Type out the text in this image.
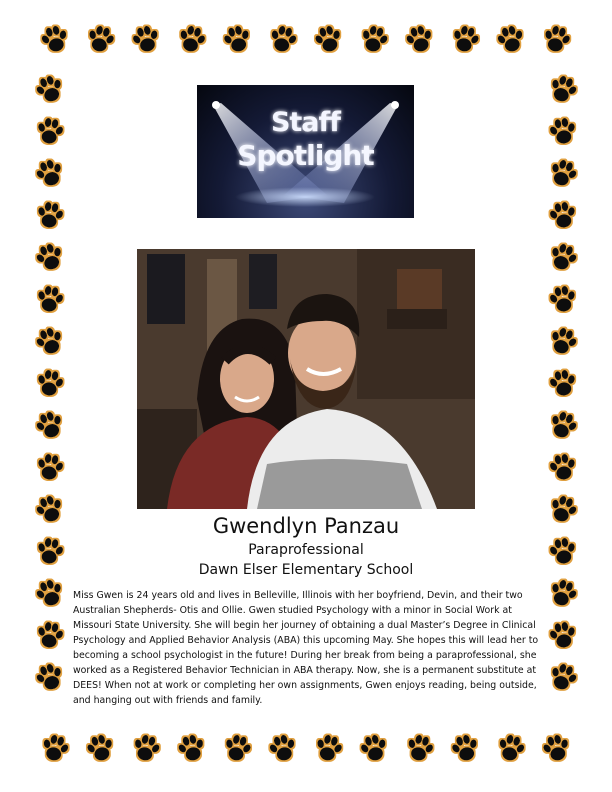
Staff
Spotlight
Gwendlyn Panzau
Paraprofessional
Dawn Elser Elementary School
Miss Gwen is 24 years old and lives in Belleville, Illinois with her boyfriend, Devin, and their two Australian Shepherds- Otis and Ollie. Gwen studied Psychology with a minor in Social Work at Missouri State University. She will begin her journey of obtaining a dual Master’s Degree in Clinical Psychology and Applied Behavior Analysis (ABA) this upcoming May. She hopes this will lead her to becoming a school psychologist in the future! During her break from being a paraprofessional, she worked as a Registered Behavior Technician in ABA therapy. Now, she is a permanent substitute at DEES! When not at work or completing her own assignments, Gwen enjoys reading, being outside, and hanging out with friends and family.
